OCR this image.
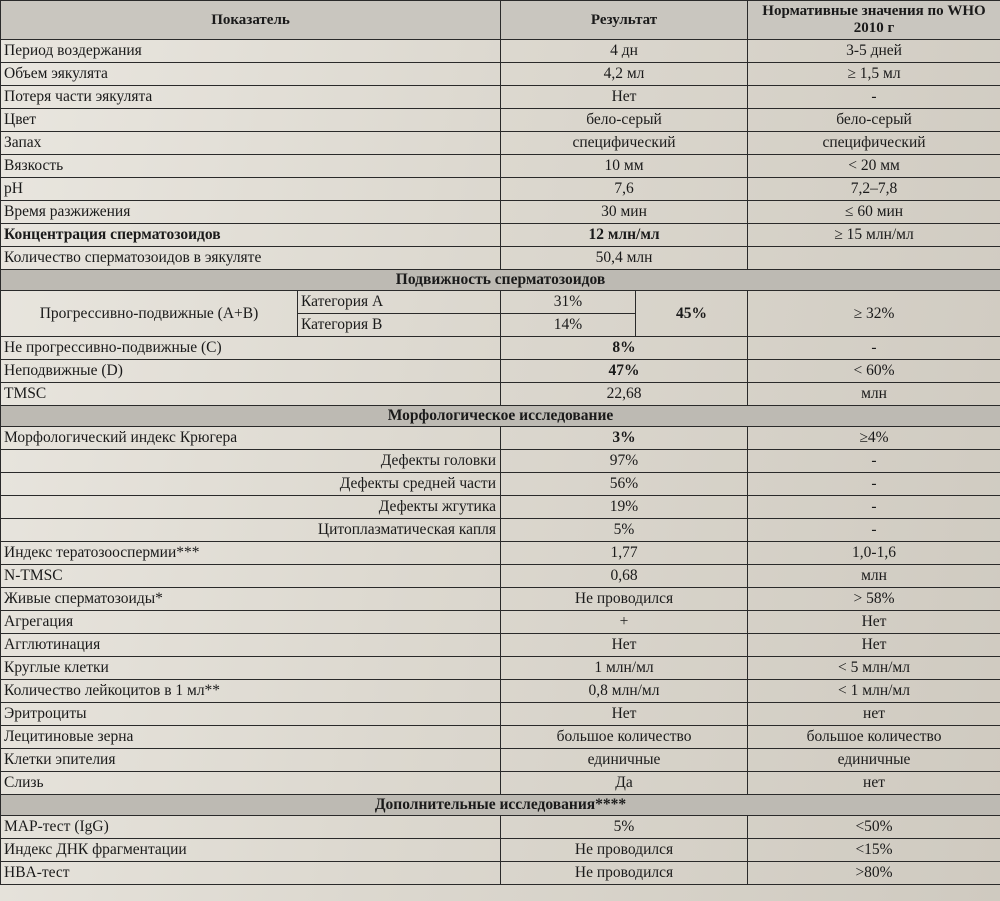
Показатель		Результат		Нормативные значения по WHO 2010 г
Период воздержания		4 дн		3-5 дней
Объем эякулята		4,2 мл		≥ 1,5 мл
Потеря части эякулята		Нет		-
Цвет		бело-серый		бело-серый
Запах		специфический		специфический
Вязкость		10 мм		< 20 мм
pH		7,6		7,2–7,8
Время разжижения		30 мин		≤ 60 мин
Концентрация сперматозоидов		12 млн/мл		≥ 15 млн/мл
Количество сперматозоидов в эякуляте		50,4 млн		
Подвижность сперматозоидов				
Прогрессивно-подвижные (A+B)	Категория А	31%	45%	≥ 32%
	Категория В	14%		
Не прогрессивно-подвижные (С)		8%		-
Неподвижные (D)		47%		< 60%
TMSC		22,68		млн
Морфологическое исследование				
Морфологический индекс Крюгера		3%		≥4%
Дефекты головки		97%		-
Дефекты средней части		56%		-
Дефекты жгутика		19%		-
Цитоплазматическая капля		5%		-
Индекс тератозооспермии***		1,77		1,0-1,6
N-TMSC		0,68		млн
Живые сперматозоиды*		Не проводился		> 58%
Агрегация		+		Нет
Агглютинация		Нет		Нет
Круглые клетки		1 млн/мл		< 5 млн/мл
Количество лейкоцитов в 1 мл**		0,8 млн/мл		< 1 млн/мл
Эритроциты		Нет		нет
Лецитиновые зерна		большое количество		большое количество
Клетки эпителия		единичные		единичные
Слизь		Да		нет
Дополнительные исследования****				
MAP-тест (IgG)		5%		<50%
Индекс ДНК фрагментации		Не проводился		<15%
HBA-тест		Не проводился		>80%
